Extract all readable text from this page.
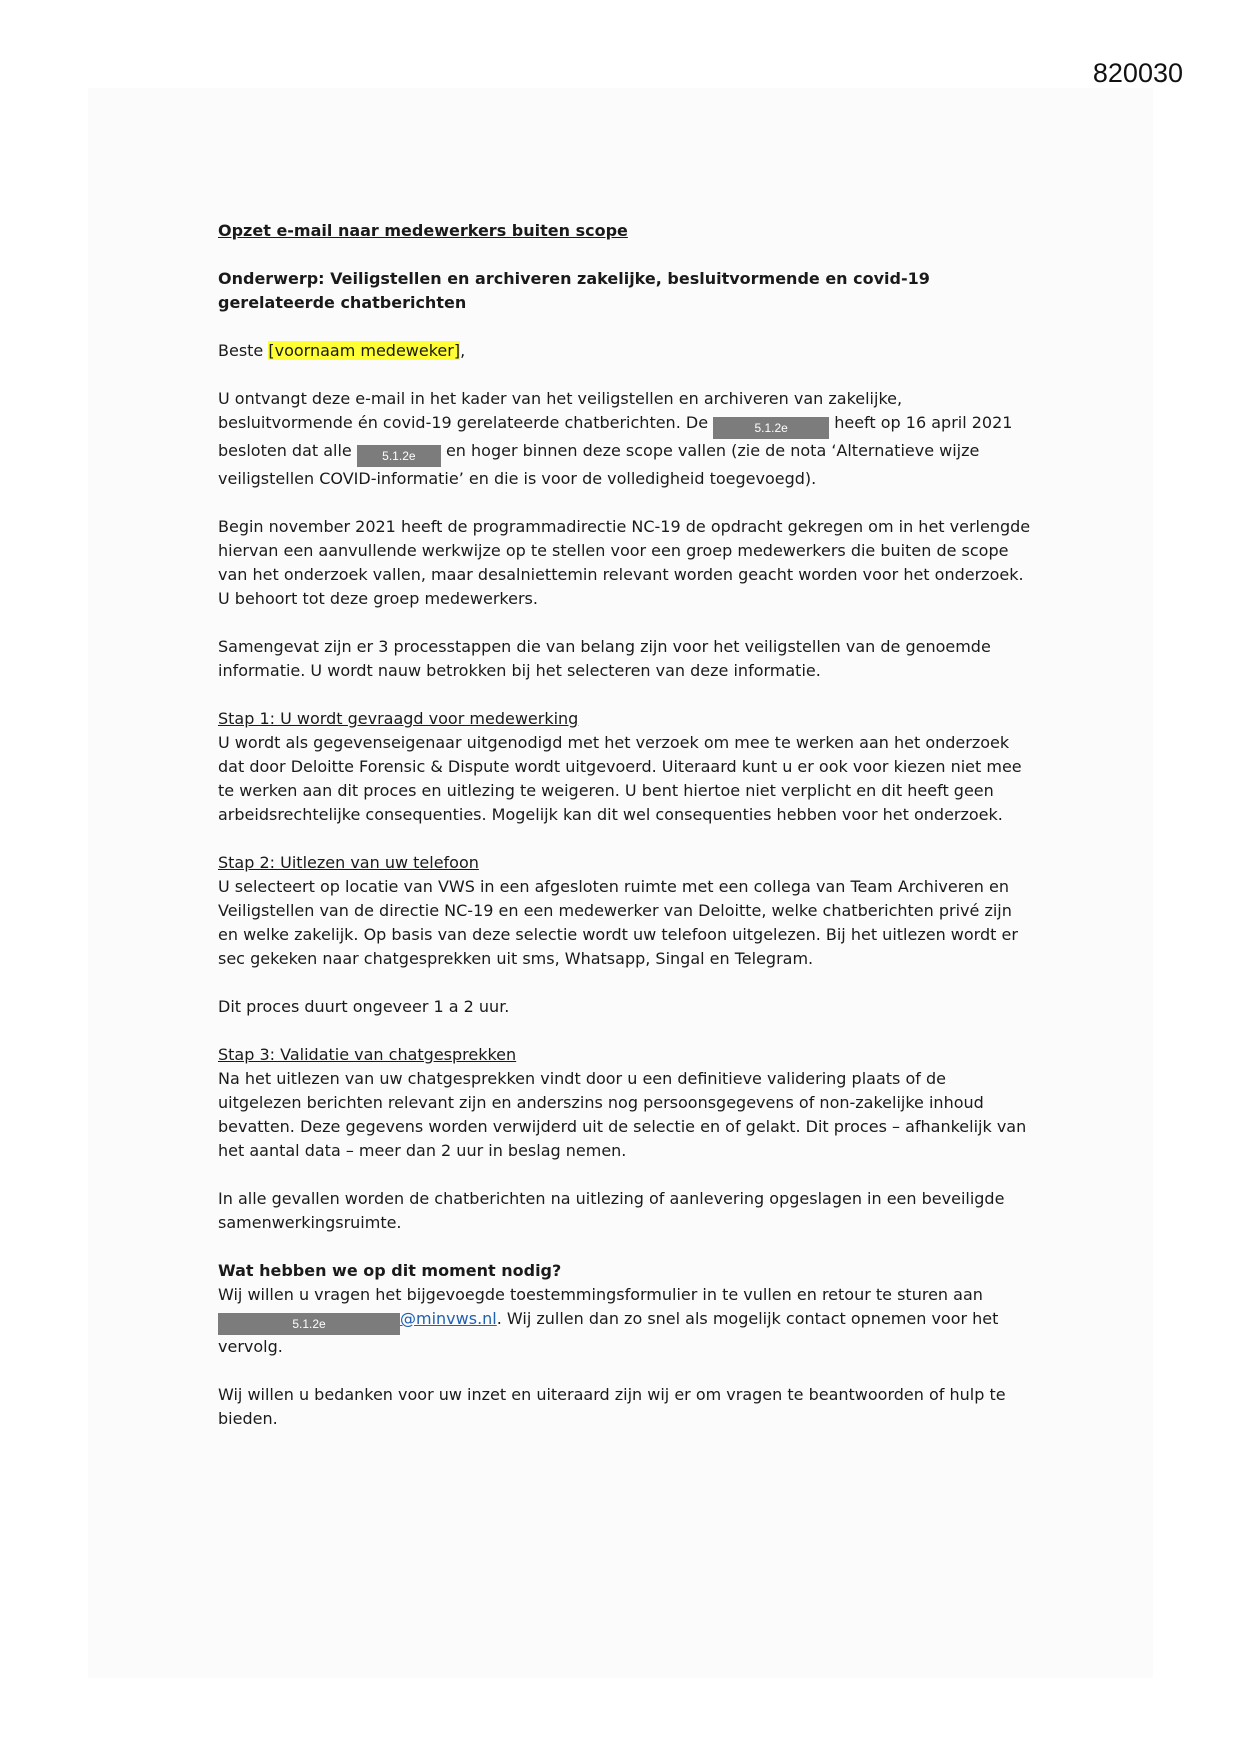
820030

Opzet e-mail naar medewerkers buiten scope

Onderwerp: Veiligstellen en archiveren zakelijke, besluitvormende en covid-19 gerelateerde chatberichten

Beste [voornaam medeweker],

U ontvangt deze e-mail in het kader van het veiligstellen en archiveren van zakelijke, besluitvormende én covid-19 gerelateerde chatberichten. De	5.1.2e	heeft op 16 april 2021 besloten dat alle 5.1.2e en hoger binnen deze scope vallen (zie de nota ‘Alternatieve wijze veiligstellen COVID-informatie’ en die is voor de volledigheid toegevoegd).

Begin november 2021 heeft de programmadirectie NC-19 de opdracht gekregen om in het verlengde hiervan een aanvullende werkwijze op te stellen voor een groep medewerkers die buiten de scope van het onderzoek vallen, maar desalniettemin relevant worden geacht worden voor het onderzoek. U behoort tot deze groep medewerkers.

Samengevat zijn er 3 processtappen die van belang zijn voor het veiligstellen van de genoemde informatie. U wordt nauw betrokken bij het selecteren van deze informatie.

Stap 1: U wordt gevraagd voor medewerking
U wordt als gegevenseigenaar uitgenodigd met het verzoek om mee te werken aan het onderzoek dat door Deloitte Forensic & Dispute wordt uitgevoerd. Uiteraard kunt u er ook voor kiezen niet mee te werken aan dit proces en uitlezing te weigeren. U bent hiertoe niet verplicht en dit heeft geen arbeidsrechtelijke consequenties. Mogelijk kan dit wel consequenties hebben voor het onderzoek.

Stap 2: Uitlezen van uw telefoon
U selecteert op locatie van VWS in een afgesloten ruimte met een collega van Team Archiveren en Veiligstellen van de directie NC-19 en een medewerker van Deloitte, welke chatberichten privé zijn en welke zakelijk. Op basis van deze selectie wordt uw telefoon uitgelezen. Bij het uitlezen wordt er sec gekeken naar chatgesprekken uit sms, Whatsapp, Singal en Telegram.

Dit proces duurt ongeveer 1 a 2 uur.

Stap 3: Validatie van chatgesprekken
Na het uitlezen van uw chatgesprekken vindt door u een definitieve validering plaats of de uitgelezen berichten relevant zijn en anderszins nog persoonsgegevens of non-zakelijke inhoud bevatten. Deze gegevens worden verwijderd uit de selectie en of gelakt. Dit proces – afhankelijk van het aantal data – meer dan 2 uur in beslag nemen.

In alle gevallen worden de chatberichten na uitlezing of aanlevering opgeslagen in een beveiligde samenwerkingsruimte.

Wat hebben we op dit moment nodig?
Wij willen u vragen het bijgevoegde toestemmingsformulier in te vullen en retour te sturen aan 5.1.2e	@minvws.nl. Wij zullen dan zo snel als mogelijk contact opnemen voor het vervolg.

Wij willen u bedanken voor uw inzet en uiteraard zijn wij er om vragen te beantwoorden of hulp te bieden.
